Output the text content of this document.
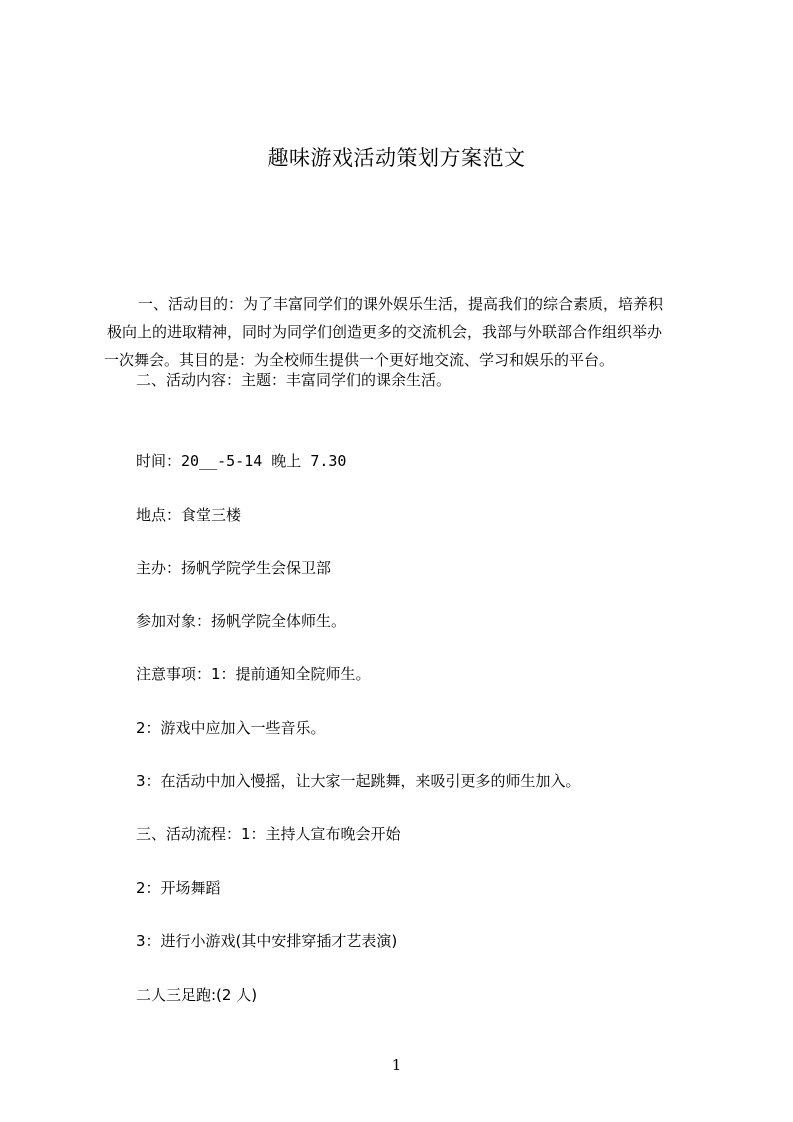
趣味游戏活动策划方案范文
一、活动目的：为了丰富同学们的课外娱乐生活，提高我们的综合素质，培养积
极向上的进取精神，同时为同学们创造更多的交流机会，我部与外联部合作组织举办
一次舞会。其目的是：为全校师生提供一个更好地交流、学习和娱乐的平台。
二、活动内容：主题：丰富同学们的课余生活。
时间：20__-5-14 晚上 7.30
地点：食堂三楼
主办：扬帆学院学生会保卫部
参加对象：扬帆学院全体师生。
注意事项：1：提前通知全院师生。
2：游戏中应加入一些音乐。
3：在活动中加入慢摇，让大家一起跳舞，来吸引更多的师生加入。
三、活动流程：1：主持人宣布晚会开始
2：开场舞蹈
3：进行小游戏(其中安排穿插才艺表演)
二人三足跑:(2 人)
1
